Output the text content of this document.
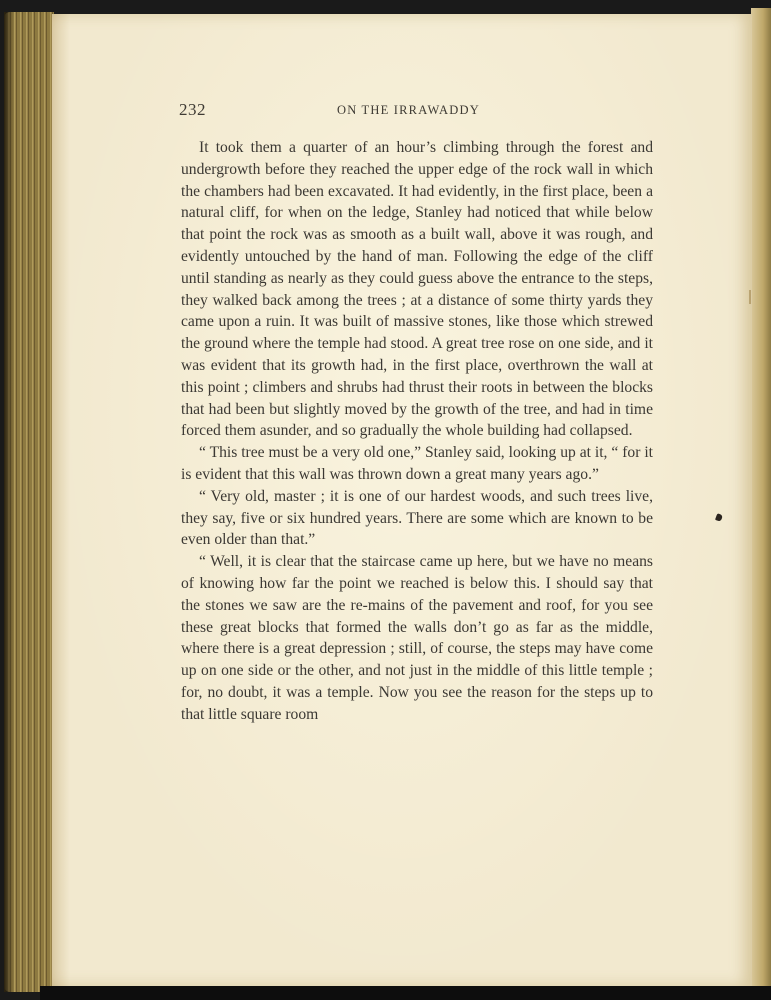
232	ON THE IRRAWADDY

It took them a quarter of an hour’s climbing through the forest and undergrowth before they reached the upper edge of the rock wall in which the chambers had been excavated. It had evidently, in the first place, been a natural cliff, for when on the ledge, Stanley had noticed that while below that point the rock was as smooth as a built wall, above it was rough, and evidently untouched by the hand of man. Following the edge of the cliff until standing as nearly as they could guess above the entrance to the steps, they walked back among the trees ; at a distance of some thirty yards they came upon a ruin. It was built of massive stones, like those which strewed the ground where the temple had stood. A great tree rose on one side, and it was evident that its growth had, in the first place, overthrown the wall at this point ; climbers and shrubs had thrust their roots in between the blocks that had been but slightly moved by the growth of the tree, and had in time forced them asunder, and so gradually the whole building had collapsed.

“ This tree must be a very old one,” Stanley said, looking up at it, “ for it is evident that this wall was thrown down a great many years ago.”

“ Very old, master ; it is one of our hardest woods, and such trees live, they say, five or six hundred years. There are some which are known to be even older than that.”

“ Well, it is clear that the staircase came up here, but we have no means of knowing how far the point we reached is below this. I should say that the stones we saw are the re-mains of the pavement and roof, for you see these great blocks that formed the walls don’t go as far as the middle, where there is a great depression ; still, of course, the steps may have come up on one side or the other, and not just in the middle of this little temple ; for, no doubt, it was a temple. Now you see the reason for the steps up to that little square room
